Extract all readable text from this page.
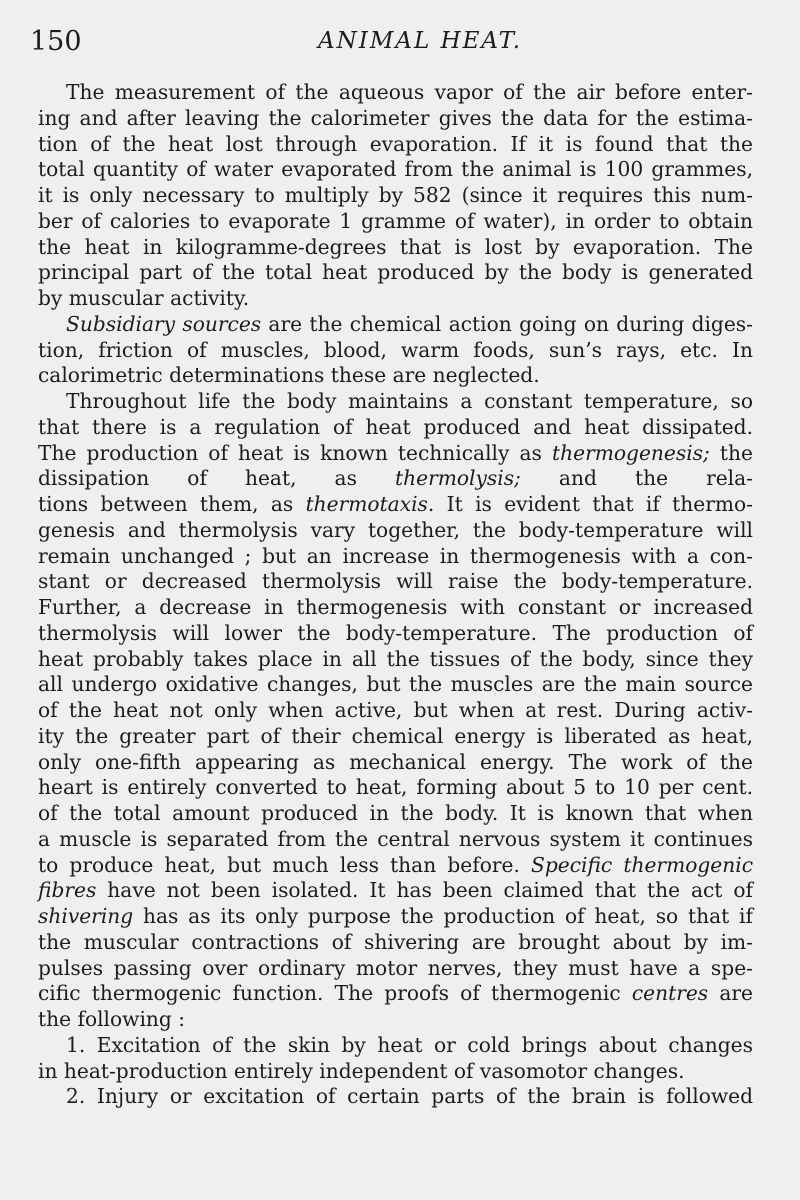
150	ANIMAL HEAT.
The measurement of the aqueous vapor of the air before enter-
ing and after leaving the calorimeter gives the data for the estima-
tion of the heat lost through evaporation. If it is found that the
total quantity of water evaporated from the animal is 100 grammes,
it is only necessary to multiply by 582 (since it requires this num-
ber of calories to evaporate 1 gramme of water), in order to obtain
the heat in kilogramme-degrees that is lost by evaporation. The
principal part of the total heat produced by the body is generated
by muscular activity.
Subsidiary sources are the chemical action going on during diges-
tion, friction of muscles, blood, warm foods, sun’s rays, etc. In
calorimetric determinations these are neglected.
Throughout life the body maintains a constant temperature, so
that there is a regulation of heat produced and heat dissipated.
The production of heat is known technically as thermogenesis; the
dissipation of heat, as thermolysis; and the rela-
tions between them, as thermotaxis. It is evident that if thermo-
genesis and thermolysis vary together, the body-temperature will
remain unchanged ; but an increase in thermogenesis with a con-
stant or decreased thermolysis will raise the body-temperature.
Further, a decrease in thermogenesis with constant or increased
thermolysis will lower the body-temperature. The production of
heat probably takes place in all the tissues of the body, since they
all undergo oxidative changes, but the muscles are the main source
of the heat not only when active, but when at rest. During activ-
ity the greater part of their chemical energy is liberated as heat,
only one-fifth appearing as mechanical energy. The work of the
heart is entirely converted to heat, forming about 5 to 10 per cent.
of the total amount produced in the body. It is known that when
a muscle is separated from the central nervous system it continues
to produce heat, but much less than before. Specific thermogenic
fibres have not been isolated. It has been claimed that the act of
shivering has as its only purpose the production of heat, so that if
the muscular contractions of shivering are brought about by im-
pulses passing over ordinary motor nerves, they must have a spe-
cific thermogenic function. The proofs of thermogenic centres are
the following :
1. Excitation of the skin by heat or cold brings about changes
in heat-production entirely independent of vasomotor changes.
2. Injury or excitation of certain parts of the brain is followed
